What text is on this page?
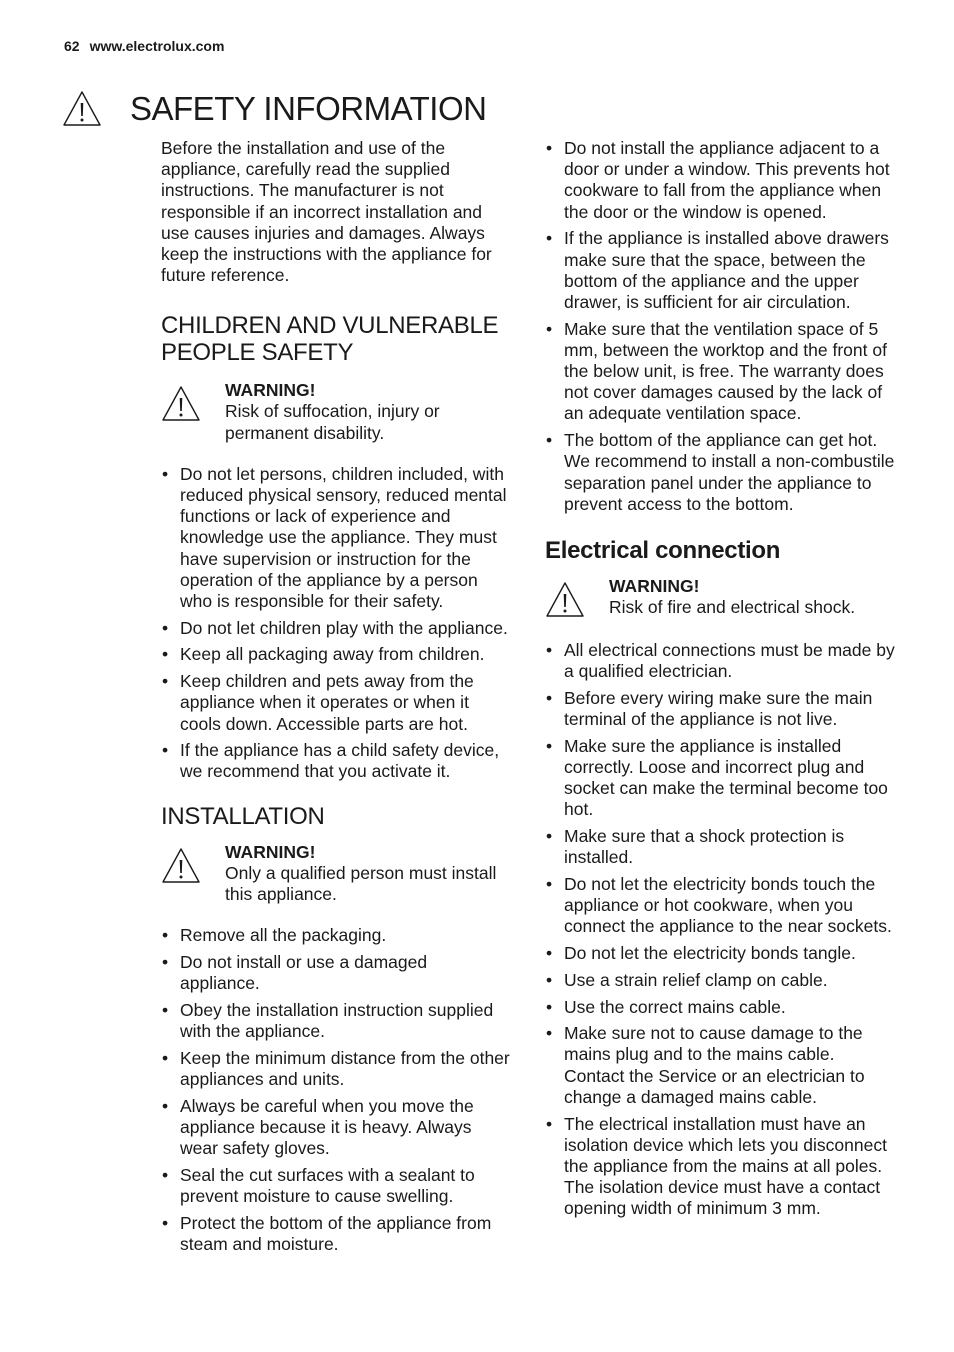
62 www.electrolux.com
SAFETY INFORMATION

Before the installation and use of the appliance, carefully read the supplied instructions. The manufacturer is not responsible if an incorrect installation and use causes injuries and damages. Always keep the instructions with the appliance for future reference.

CHILDREN AND VULNERABLE PEOPLE SAFETY
WARNING!
Risk of suffocation, injury or permanent disability.
• Do not let persons, children included, with reduced physical sensory, reduced mental functions or lack of experience and knowledge use the appliance. They must have supervision or instruction for the operation of the appliance by a person who is responsible for their safety.
• Do not let children play with the appliance.
• Keep all packaging away from children.
• Keep children and pets away from the appliance when it operates or when it cools down. Accessible parts are hot.
• If the appliance has a child safety device, we recommend that you activate it.
INSTALLATION
WARNING!
Only a qualified person must install this appliance.
• Remove all the packaging.
• Do not install or use a damaged appliance.
• Obey the installation instruction supplied with the appliance.
• Keep the minimum distance from the other appliances and units.
• Always be careful when you move the appliance because it is heavy. Always wear safety gloves.
• Seal the cut surfaces with a sealant to prevent moisture to cause swelling.
• Protect the bottom of the appliance from steam and moisture.
• Do not install the appliance adjacent to a door or under a window. This prevents hot cookware to fall from the appliance when the door or the window is opened.
• If the appliance is installed above drawers make sure that the space, between the bottom of the appliance and the upper drawer, is sufficient for air circulation.
• Make sure that the ventilation space of 5 mm, between the worktop and the front of the below unit, is free. The warranty does not cover damages caused by the lack of an adequate ventilation space.
• The bottom of the appliance can get hot. We recommend to install a non-combustile separation panel under the appliance to prevent access to the bottom.
Electrical connection
WARNING!
Risk of fire and electrical shock.
• All electrical connections must be made by a qualified electrician.
• Before every wiring make sure the main terminal of the appliance is not live.
• Make sure the appliance is installed correctly. Loose and incorrect plug and socket can make the terminal become too hot.
• Make sure that a shock protection is installed.
• Do not let the electricity bonds touch the appliance or hot cookware, when you connect the appliance to the near sockets.
• Do not let the electricity bonds tangle.
• Use a strain relief clamp on cable.
• Use the correct mains cable.
• Make sure not to cause damage to the mains plug and to the mains cable. Contact the Service or an electrician to change a damaged mains cable.
• The electrical installation must have an isolation device which lets you disconnect the appliance from the mains at all poles. The isolation device must have a contact opening width of minimum 3 mm.
